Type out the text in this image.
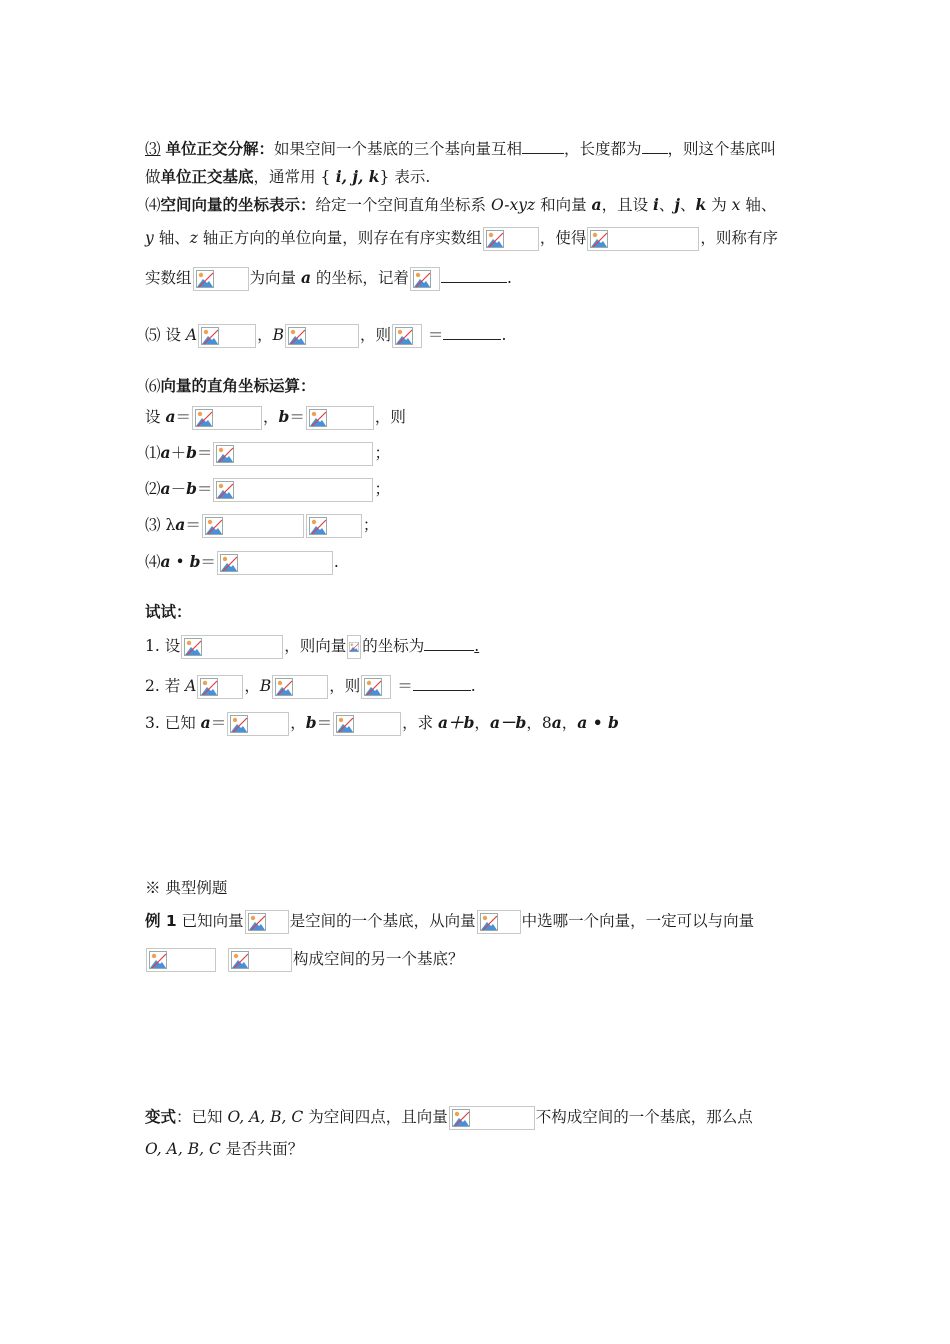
⑶ 单位正交分解：如果空间一个基底的三个基向量互相	，长度都为 ，则这个基底叫
做单位正交基底，通常用 { i, j, k} 表示.
⑷空间向量的坐标表示：给定一个空间直角坐标系 O-xyz 和向量 a，且设 i、j、k 为 x 轴、
y 轴、z 轴正方向的单位向量，则存在有序实数组	，使得	，则称有序
实数组	为向量 a 的坐标，记着	.
⑸ 设 A	，B	，则
＝	.
⑹向量的直角坐标运算：
设 a＝	，b＝	，则
⑴a＋b＝	；
⑵a－b＝	；
⑶ λa＝	；
⑷a • b＝	.
试试：
1. 设	，则向量 的坐标为	.
2. 若 A	，B	，则
＝	.
3. 已知 a＝	，b＝	，求 a＋b，a－b，8a，a • b
※ 典型例题
例 1 已知向量	是空间的一个基底，从向量	中选哪一个向量，一定可以与向量

构成空间的另一个基底？
变式：已知 O, A, B, C 为空间四点，且向量	不构成空间的一个基底，那么点
O, A, B, C 是否共面？
